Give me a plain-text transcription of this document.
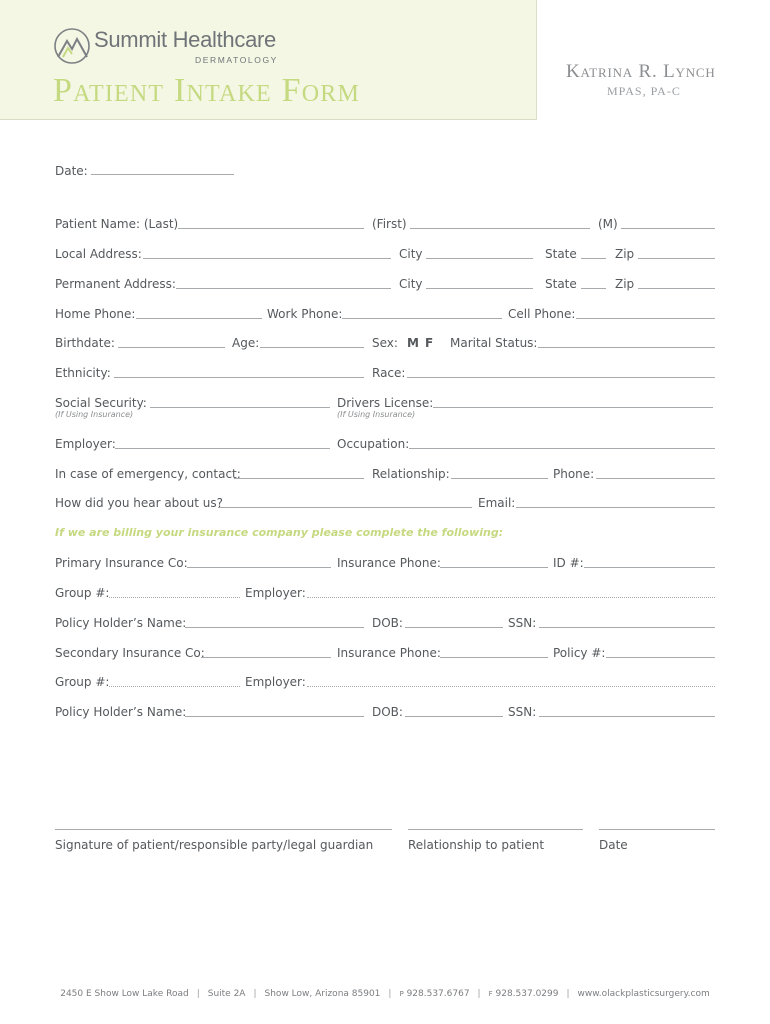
Summit Healthcare
DERMATOLOGY
Patient Intake Form
Katrina R. Lynch
MPAS, PA-C
Date:
Patient Name: (Last)	(First)	(M)
Local Address:	City	State	Zip
Permanent Address:	City	State	Zip
Home Phone:	Work Phone:	Cell Phone:
Birthdate:	Age:	Sex: M F Marital Status:
Ethnicity:	Race:
Social Security:
(If Using Insurance)
Drivers License:
(If Using Insurance)
Employer:	Occupation:
In case of emergency, contact:	Relationship:	Phone:
How did you hear about us?	Email:
If we are billing your insurance company please complete the following:
Primary Insurance Co:	Insurance Phone:	ID #:
Group #:	Employer:
Policy Holder’s Name:	DOB:	SSN:
Secondary Insurance Co:	Insurance Phone:	Policy #:
Group #:	Employer:
Policy Holder’s Name:	DOB:	SSN:
Signature of patient/responsible party/legal guardian	Relationship to patient	Date
2450 E Show Low Lake Road | Suite 2A | Show Low, Arizona 85901 | P 928.537.6767 | F 928.537.0299 | www.olackplasticsurgery.com
